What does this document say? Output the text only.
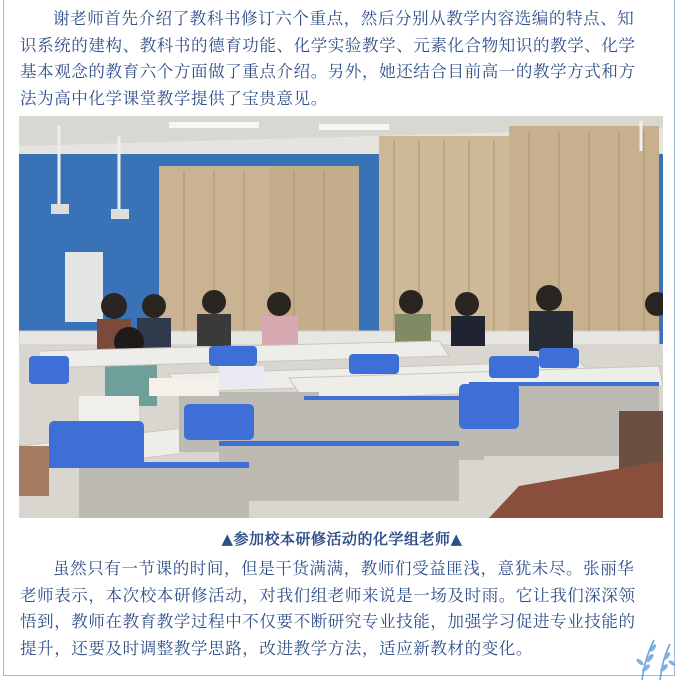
谢老师首先介绍了教科书修订六个重点，然后分别从教学内容选编的特点、知识系统的建构、教科书的德育功能、化学实验教学、元素化合物知识的教学、化学基本观念的教育六个方面做了重点介绍。另外，她还结合目前高一的教学方式和方法为高中化学课堂教学提供了宝贵意见。

▲参加校本研修活动的化学组老师▲

虽然只有一节课的时间，但是干货满满，教师们受益匪浅，意犹未尽。张丽华老师表示，本次校本研修活动，对我们组老师来说是一场及时雨。它让我们深深领悟到，教师在教育教学过程中不仅要不断研究专业技能，加强学习促进专业技能的提升，还要及时调整教学思路，改进教学方法，适应新教材的变化。
